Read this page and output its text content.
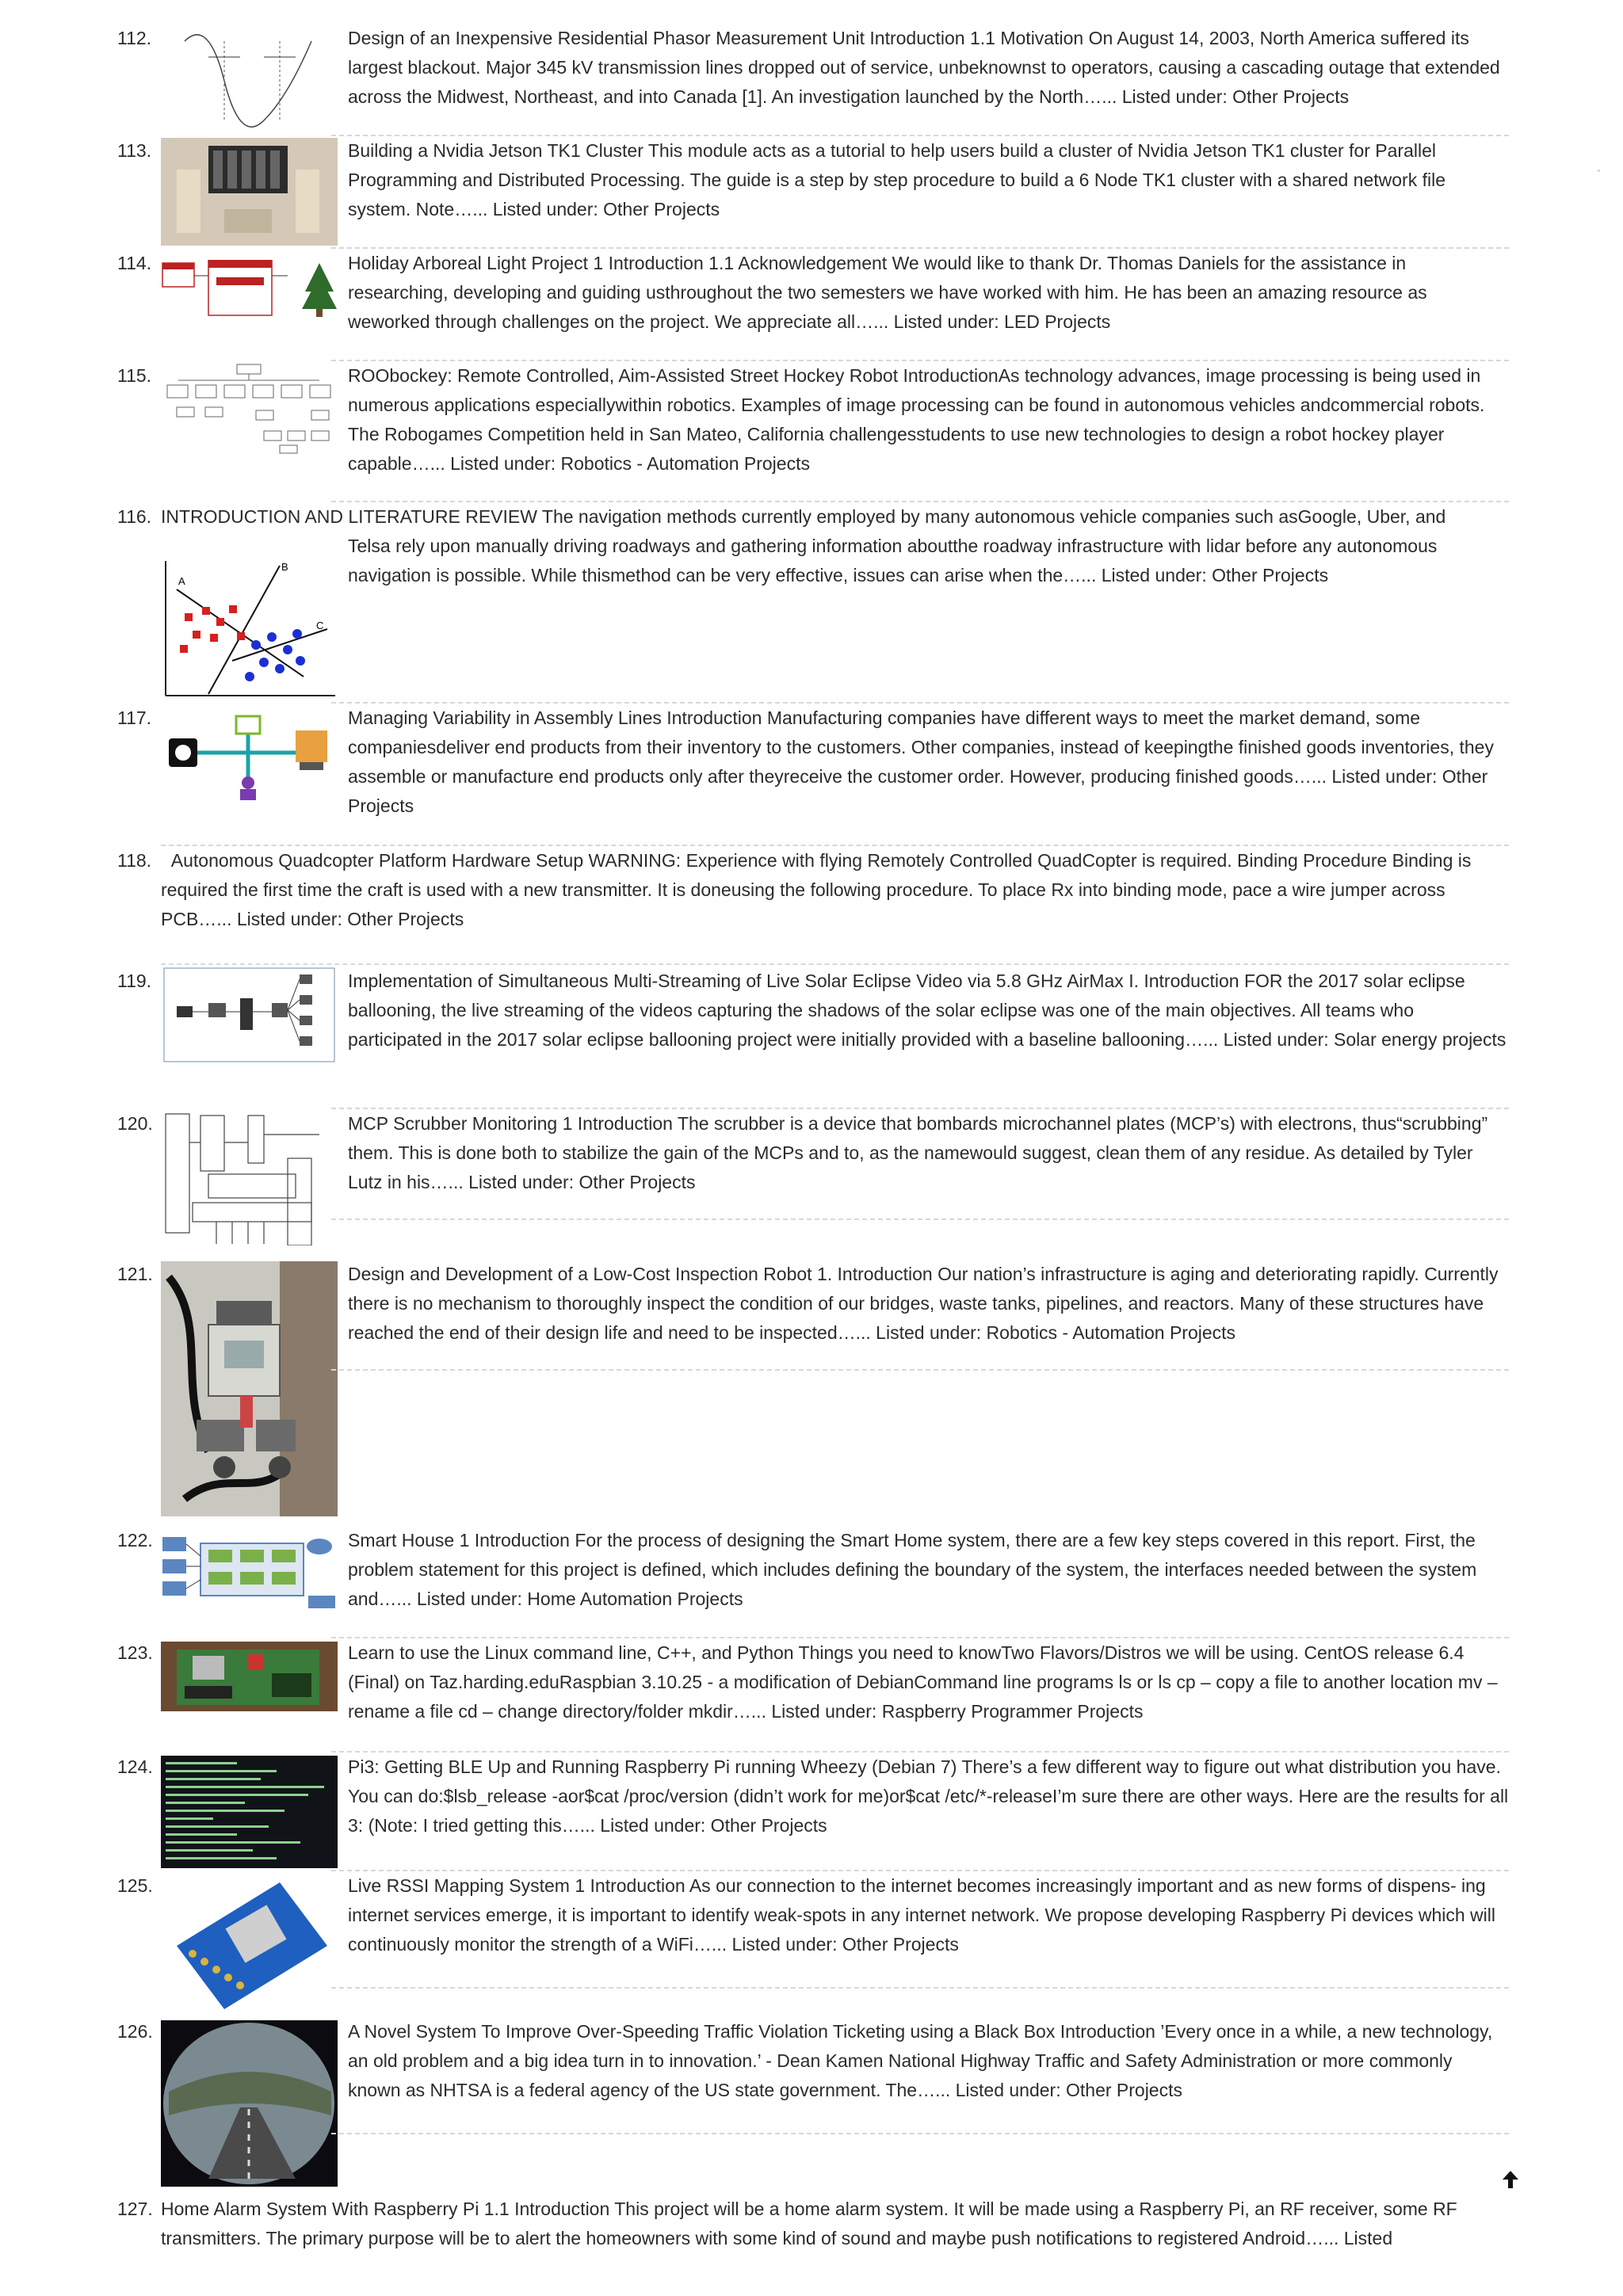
112.	Design of an Inexpensive Residential Phasor Measurement Unit Introduction 1.1 Motivation On August 14, 2003, North America suffered its largest blackout. Major 345 kV transmission lines dropped out of service, unbeknownst to operators, causing a cascading outage that extended across the Midwest, Northeast, and into Canada [1]. An investigation launched by the North…... Listed under: Other Projects
113.	Building a Nvidia Jetson TK1 Cluster This module acts as a tutorial to help users build a cluster of Nvidia Jetson TK1 cluster for Parallel Programming and Distributed Processing. The guide is a step by step procedure to build a 6 Node TK1 cluster with a shared network file system. Note…... Listed under: Other Projects
114.	Holiday Arboreal Light Project 1 Introduction 1.1 Acknowledgement We would like to thank Dr. Thomas Daniels for the assistance in researching, developing and guiding usthroughout the two semesters we have worked with him. He has been an amazing resource as weworked through challenges on the project. We appreciate all…... Listed under: LED Projects
115.	ROObockey: Remote Controlled, Aim-Assisted Street Hockey Robot IntroductionAs technology advances, image processing is being used in numerous applications especiallywithin robotics. Examples of image processing can be found in autonomous vehicles andcommercial robots. The Robogames Competition held in San Mateo, California challengesstudents to use new technologies to design a robot hockey player capable…... Listed under: Robotics - Automation Projects
116. INTRODUCTION AND LITERATURE REVIEW The navigation methods currently employed by many autonomous vehicle companies such asGoogle, Uber, and
A
B
C
Telsa rely upon manually driving roadways and gathering information aboutthe roadway infrastructure with lidar before any autonomous navigation is possible. While thismethod can be very effective, issues can arise when the…... Listed under: Other Projects
117.	Managing Variability in Assembly Lines Introduction Manufacturing companies have different ways to meet the market demand, some companiesdeliver end products from their inventory to the customers. Other companies, instead of keepingthe finished goods inventories, they assemble or manufacture end products only after theyreceive the customer order. However, producing finished goods…... Listed under: Other Projects
118. Autonomous Quadcopter Platform Hardware Setup WARNING: Experience with flying Remotely Controlled QuadCopter is required. Binding Procedure Binding is required the first time the craft is used with a new transmitter. It is doneusing the following procedure. To place Rx into binding mode, pace a wire jumper across PCB…... Listed under: Other Projects
119.	Implementation of Simultaneous Multi-Streaming of Live Solar Eclipse Video via 5.8 GHz AirMax I. Introduction FOR the 2017 solar eclipse ballooning, the live streaming of the videos capturing the shadows of the solar eclipse was one of the main objectives. All teams who participated in the 2017 solar eclipse ballooning project were initially provided with a baseline ballooning…... Listed under: Solar energy projects
120.	MCP Scrubber Monitoring 1 Introduction The scrubber is a device that bombards microchannel plates (MCP’s) with electrons, thus“scrubbing” them. This is done both to stabilize the gain of the MCPs and to, as the namewould suggest, clean them of any residue. As detailed by Tyler Lutz in his…... Listed under: Other Projects
121.	Design and Development of a Low-Cost Inspection Robot 1. Introduction Our nation’s infrastructure is aging and deteriorating rapidly. Currently there is no mechanism to thoroughly inspect the condition of our bridges, waste tanks, pipelines, and reactors. Many of these structures have reached the end of their design life and need to be inspected…... Listed under: Robotics - Automation Projects
122.	Smart House 1 Introduction For the process of designing the Smart Home system, there are a few key steps covered in this report. First, the problem statement for this project is defined, which includes defining the boundary of the system, the interfaces needed between the system and…... Listed under: Home Automation Projects
123.	Learn to use the Linux command line, C++, and Python Things you need to knowTwo Flavors/Distros we will be using. CentOS release 6.4 (Final) on Taz.harding.eduRaspbian 3.10.25 - a modification of DebianCommand line programs ls or ls cp – copy a file to another location mv – rename a file cd – change directory/folder mkdir…... Listed under: Raspberry Programmer Projects
124.	Pi3: Getting BLE Up and Running Raspberry Pi running Wheezy (Debian 7) There’s a few different way to figure out what distribution you have. You can do:$lsb_release -aor$cat /proc/version (didn’t work for me)or$cat /etc/*-releaseI’m sure there are other ways. Here are the results for all 3: (Note: I tried getting this…... Listed under: Other Projects
125.	Live RSSI Mapping System 1 Introduction As our connection to the internet becomes increasingly important and as new forms of dispens- ing internet services emerge, it is important to identify weak-spots in any internet network. We propose developing Raspberry Pi devices which will continuously monitor the strength of a WiFi…... Listed under: Other Projects
126.	A Novel System To Improve Over-Speeding Traffic Violation Ticketing using a Black Box Introduction ’Every once in a while, a new technology, an old problem and a big idea turn in to innovation.’ - Dean Kamen National Highway Traffic and Safety Administration or more commonly known as NHTSA is a federal agency of the US state government. The…... Listed under: Other Projects
127. Home Alarm System With Raspberry Pi 1.1 Introduction This project will be a home alarm system. It will be made using a Raspberry Pi, an RF receiver, some RF transmitters. The primary purpose will be to alert the homeowners with some kind of sound and maybe push notifications to registered Android…... Listed
